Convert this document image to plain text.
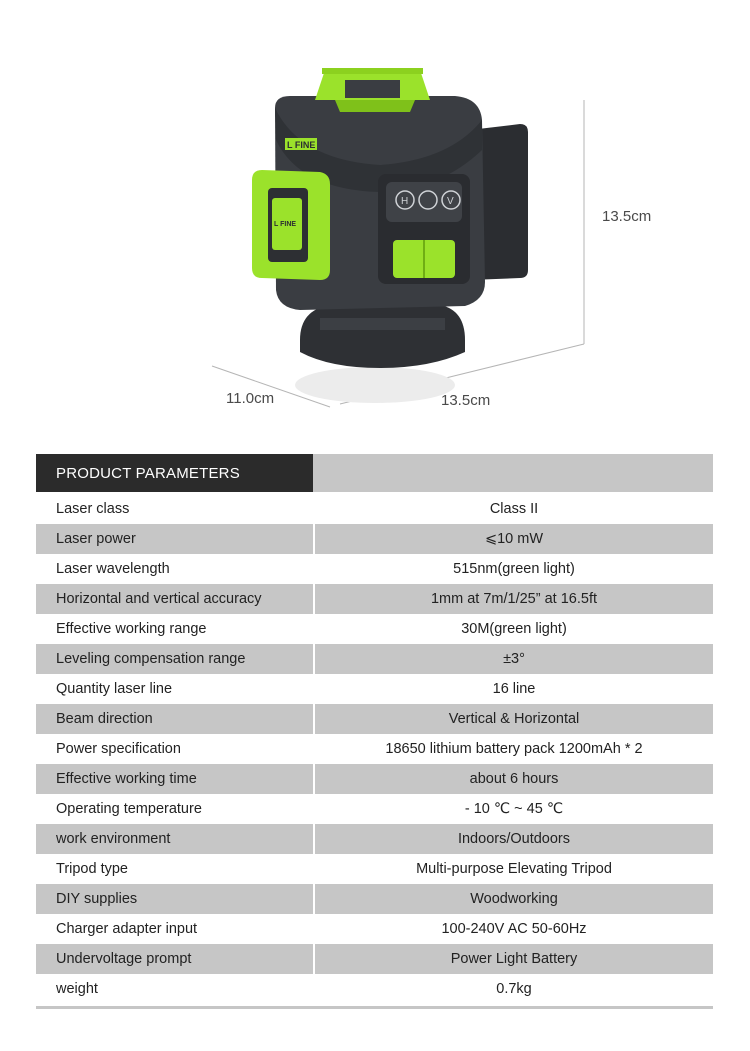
L FINE
L FINE
H	V
13.5cm
11.0cm	13.5cm
PRODUCT PARAMETERS
Laser class	Class II
Laser power	⩽10 mW
Laser wavelength	515nm(green light)
Horizontal and vertical accuracy	1mm at 7m/1/25” at 16.5ft
Effective working range	30M(green light)
Leveling compensation range	±3°
Quantity laser line	16 line
Beam direction	Vertical & Horizontal
Power specification	18650 lithium battery pack 1200mAh * 2
Effective working time	about 6 hours
Operating temperature	- 10 ℃ ~ 45 ℃
work environment	Indoors/Outdoors
Tripod type	Multi-purpose Elevating Tripod
DIY supplies	Woodworking
Charger adapter input	100-240V AC 50-60Hz
Undervoltage prompt	Power Light Battery
weight	0.7kg
